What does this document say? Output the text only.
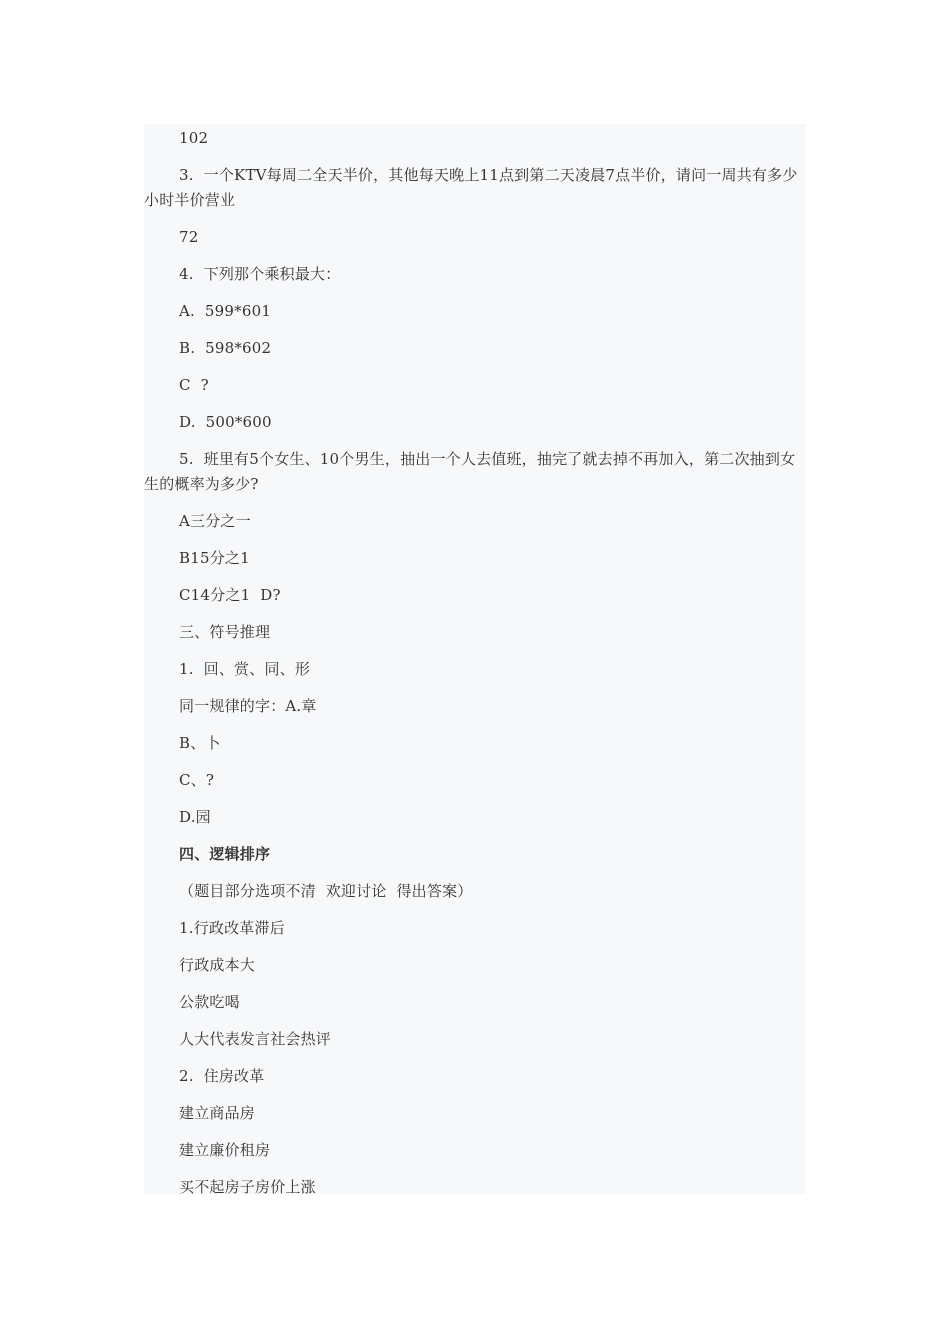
102

3.  一个KTV每周二全天半价，其他每天晚上11点到第二天凌晨7点半价，请问一周共有多少小时半价营业

72

4.  下列那个乘积最大：

A.  599*601

B.  598*602

C  ?

D.  500*600

5.  班里有5个女生、10个男生，抽出一个人去值班，抽完了就去掉不再加入，第二次抽到女生的概率为多少?

A三分之一

B15分之1

C14分之1  D?

三、符号推理

1.  回、赏、同、形

同一规律的字：A.章

B、卜

C、?

D.园

四、逻辑排序

（题目部分选项不清  欢迎讨论  得出答案）

1.行政改革滞后

行政成本大

公款吃喝

人大代表发言社会热评

2.  住房改革

建立商品房

建立廉价租房

买不起房子房价上涨
